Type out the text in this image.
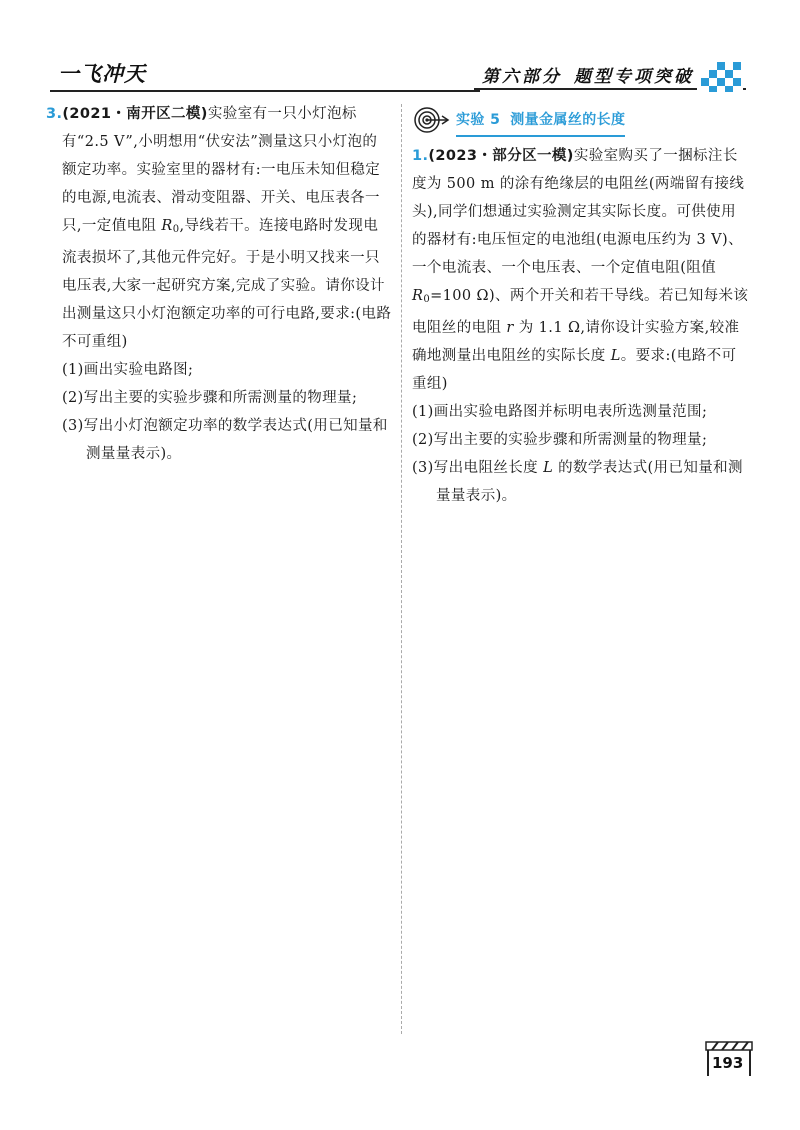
一飞冲天	第六部分 题型专项突破

3.(2021・南开区二模)实验室有一只小灯泡标有“2.5 V”,小明想用“伏安法”测量这只小灯泡的额定功率。实验室里的器材有:一电压未知但稳定的电源,电流表、滑动变阻器、开关、电压表各一只,一定值电阻 $R_0$,导线若干。连接电路时发现电流表损坏了,其他元件完好。于是小明又找来一只电压表,大家一起研究方案,完成了实验。请你设计出测量这只小灯泡额定功率的可行电路,要求:(电路不可重组)

(1)画出实验电路图;

(2)写出主要的实验步骤和所需测量的物理量;

(3)写出小灯泡额定功率的数学表达式(用已知量和测量量表示)。

实验 5 测量金属丝的长度

1.(2023・部分区一模)实验室购买了一捆标注长度为 500 m 的涂有绝缘层的电阻丝(两端留有接线头),同学们想通过实验测定其实际长度。可供使用的器材有:电压恒定的电池组(电源电压约为 3 V)、一个电流表、一个电压表、一个定值电阻(阻值 $R_0=100$ Ω)、两个开关和若干导线。若已知每米该电阻丝的电阻 r 为 1.1 Ω,请你设计实验方案,较准确地测量出电阻丝的实际长度 L。要求:(电路不可重组)

(1)画出实验电路图并标明电表所选测量范围;

(2)写出主要的实验步骤和所需测量的物理量;

(3)写出电阻丝长度 L 的数学表达式(用已知量和测量量表示)。

193
